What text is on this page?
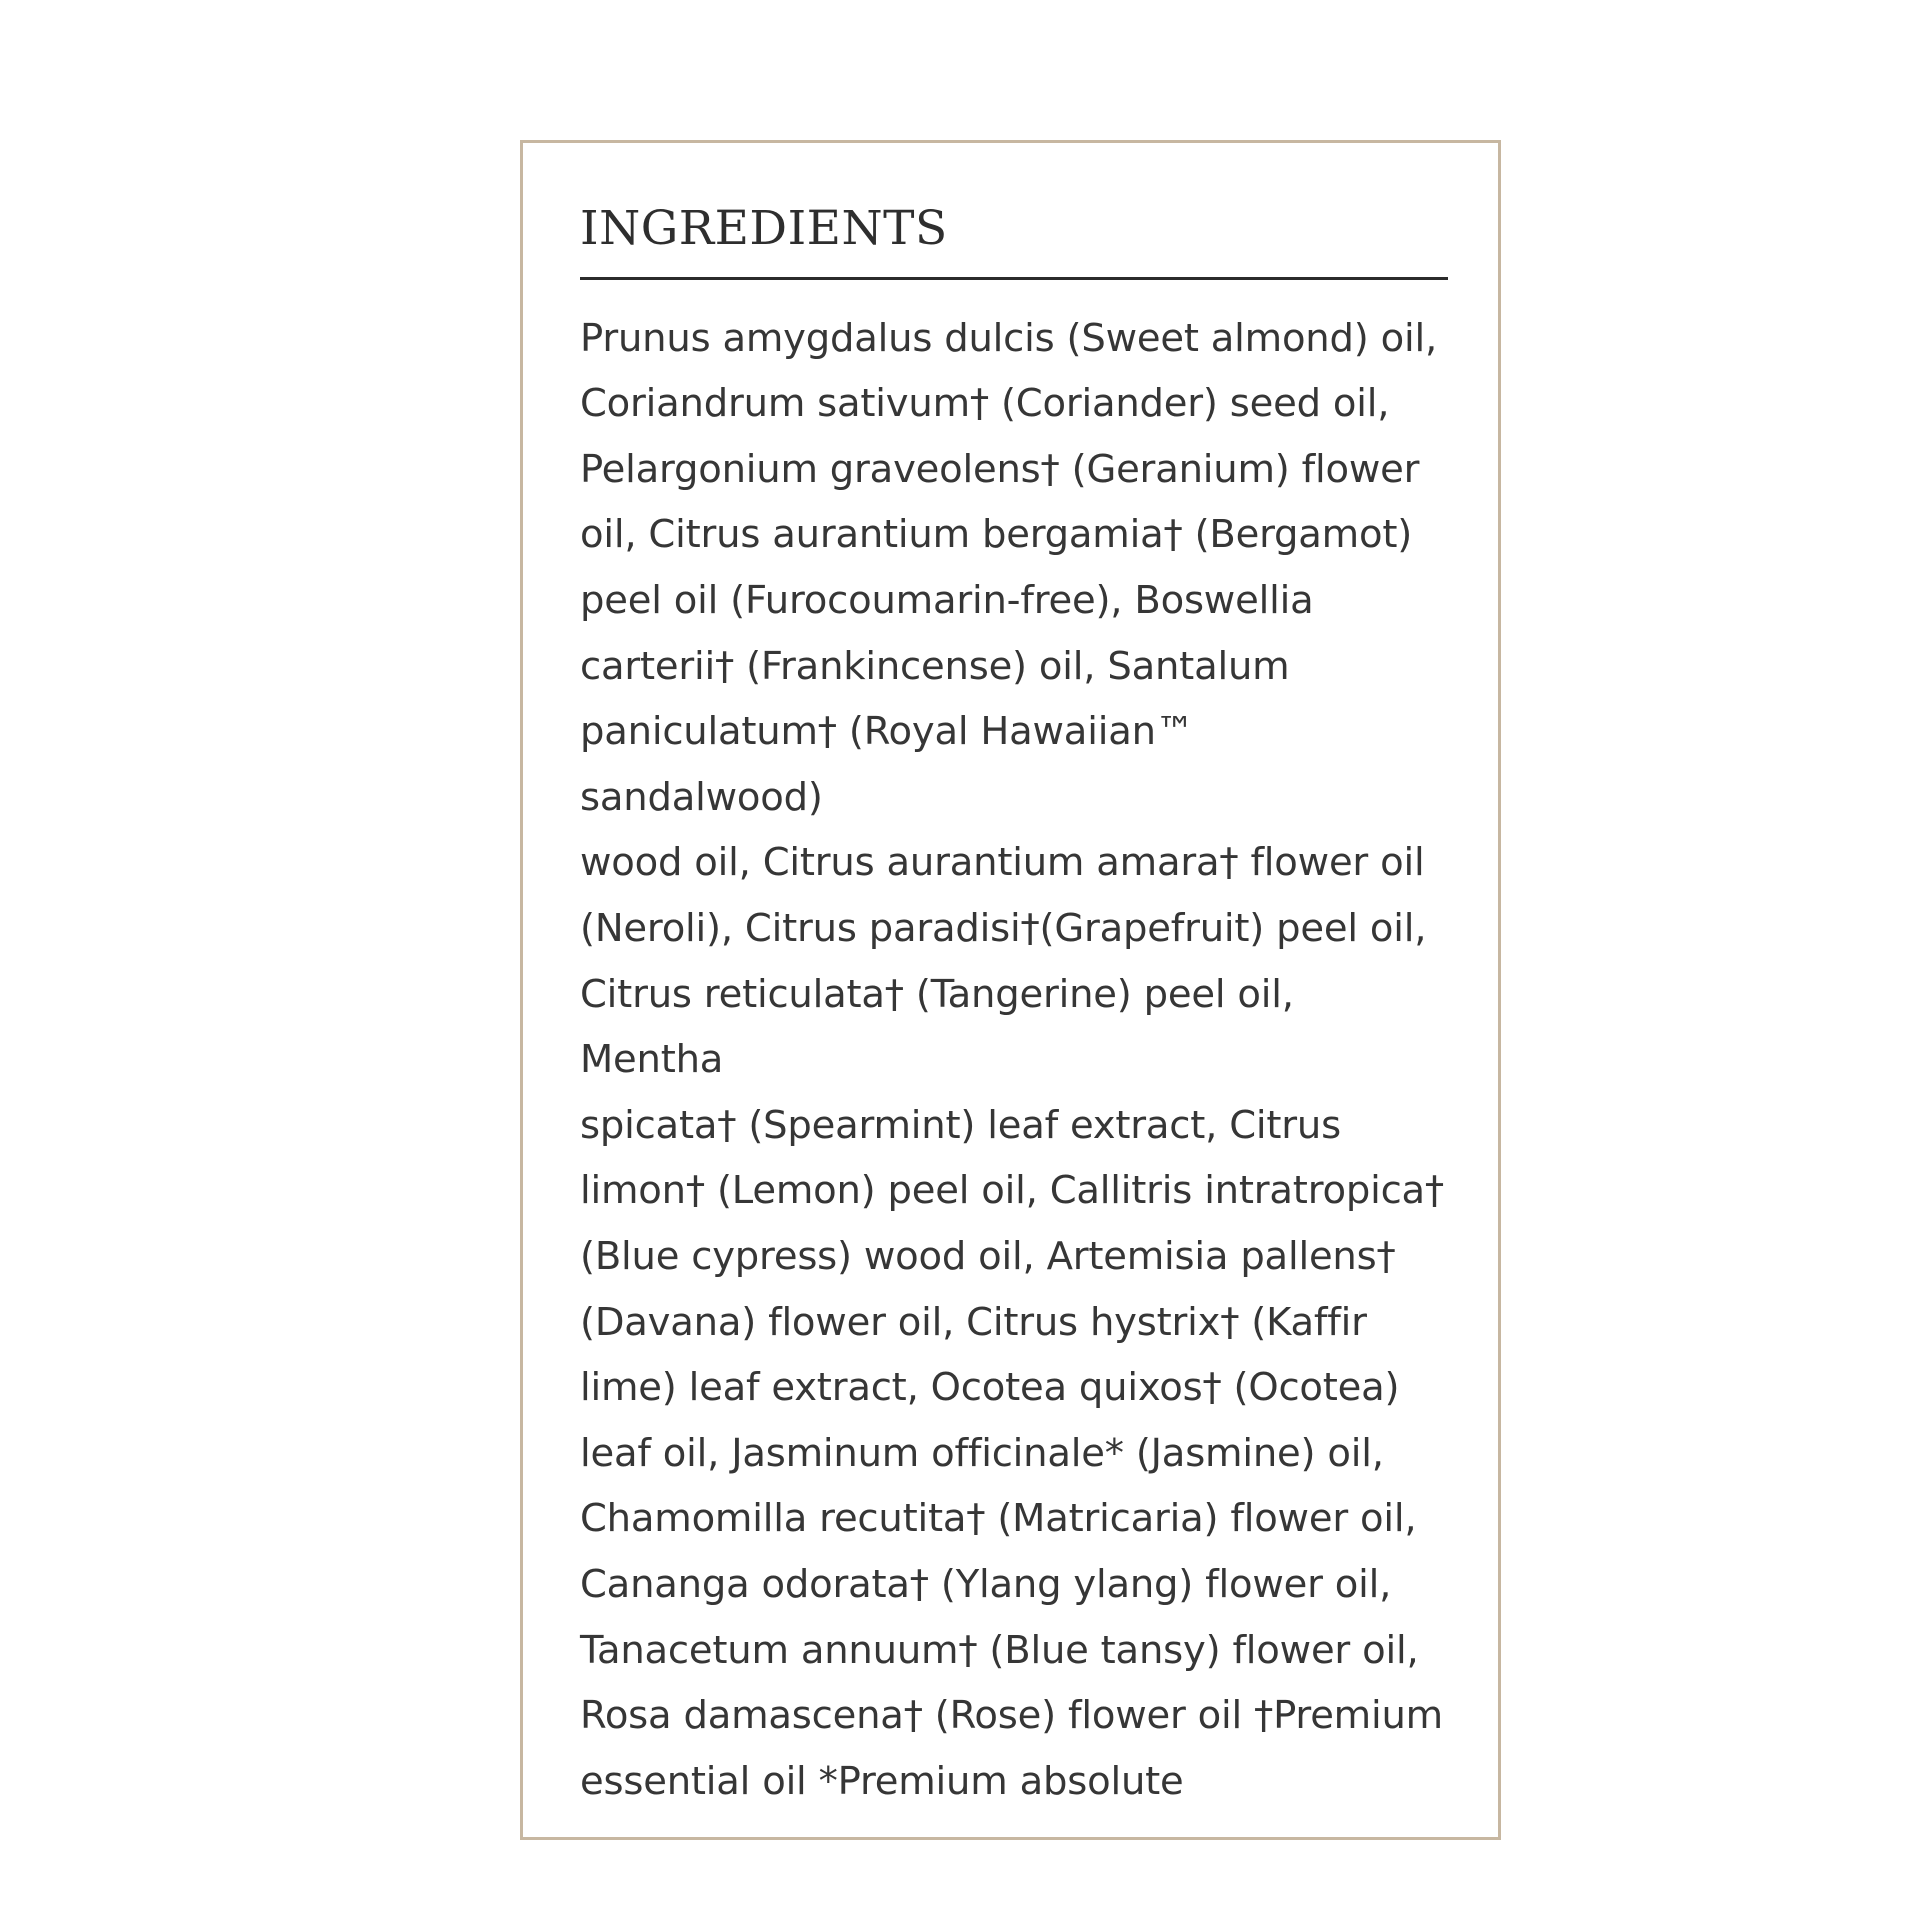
INGREDIENTS

Prunus amygdalus dulcis (Sweet almond) oil,
Coriandrum sativum† (Coriander) seed oil,
Pelargonium graveolens† (Geranium) flower
oil, Citrus aurantium bergamia† (Bergamot)
peel oil (Furocoumarin-free), Boswellia
carterii† (Frankincense) oil, Santalum
paniculatum† (Royal Hawaiian™ sandalwood)
wood oil, Citrus aurantium amara† flower oil
(Neroli), Citrus paradisi†(Grapefruit) peel oil,
Citrus reticulata† (Tangerine) peel oil, Mentha
spicata† (Spearmint) leaf extract, Citrus
limon† (Lemon) peel oil, Callitris intratropica†
(Blue cypress) wood oil, Artemisia pallens†
(Davana) flower oil, Citrus hystrix† (Kaffir
lime) leaf extract, Ocotea quixos† (Ocotea)
leaf oil, Jasminum officinale* (Jasmine) oil,
Chamomilla recutita† (Matricaria) flower oil,
Cananga odorata† (Ylang ylang) flower oil,
Tanacetum annuum† (Blue tansy) flower oil,
Rosa damascena† (Rose) flower oil †Premium
essential oil *Premium absolute
